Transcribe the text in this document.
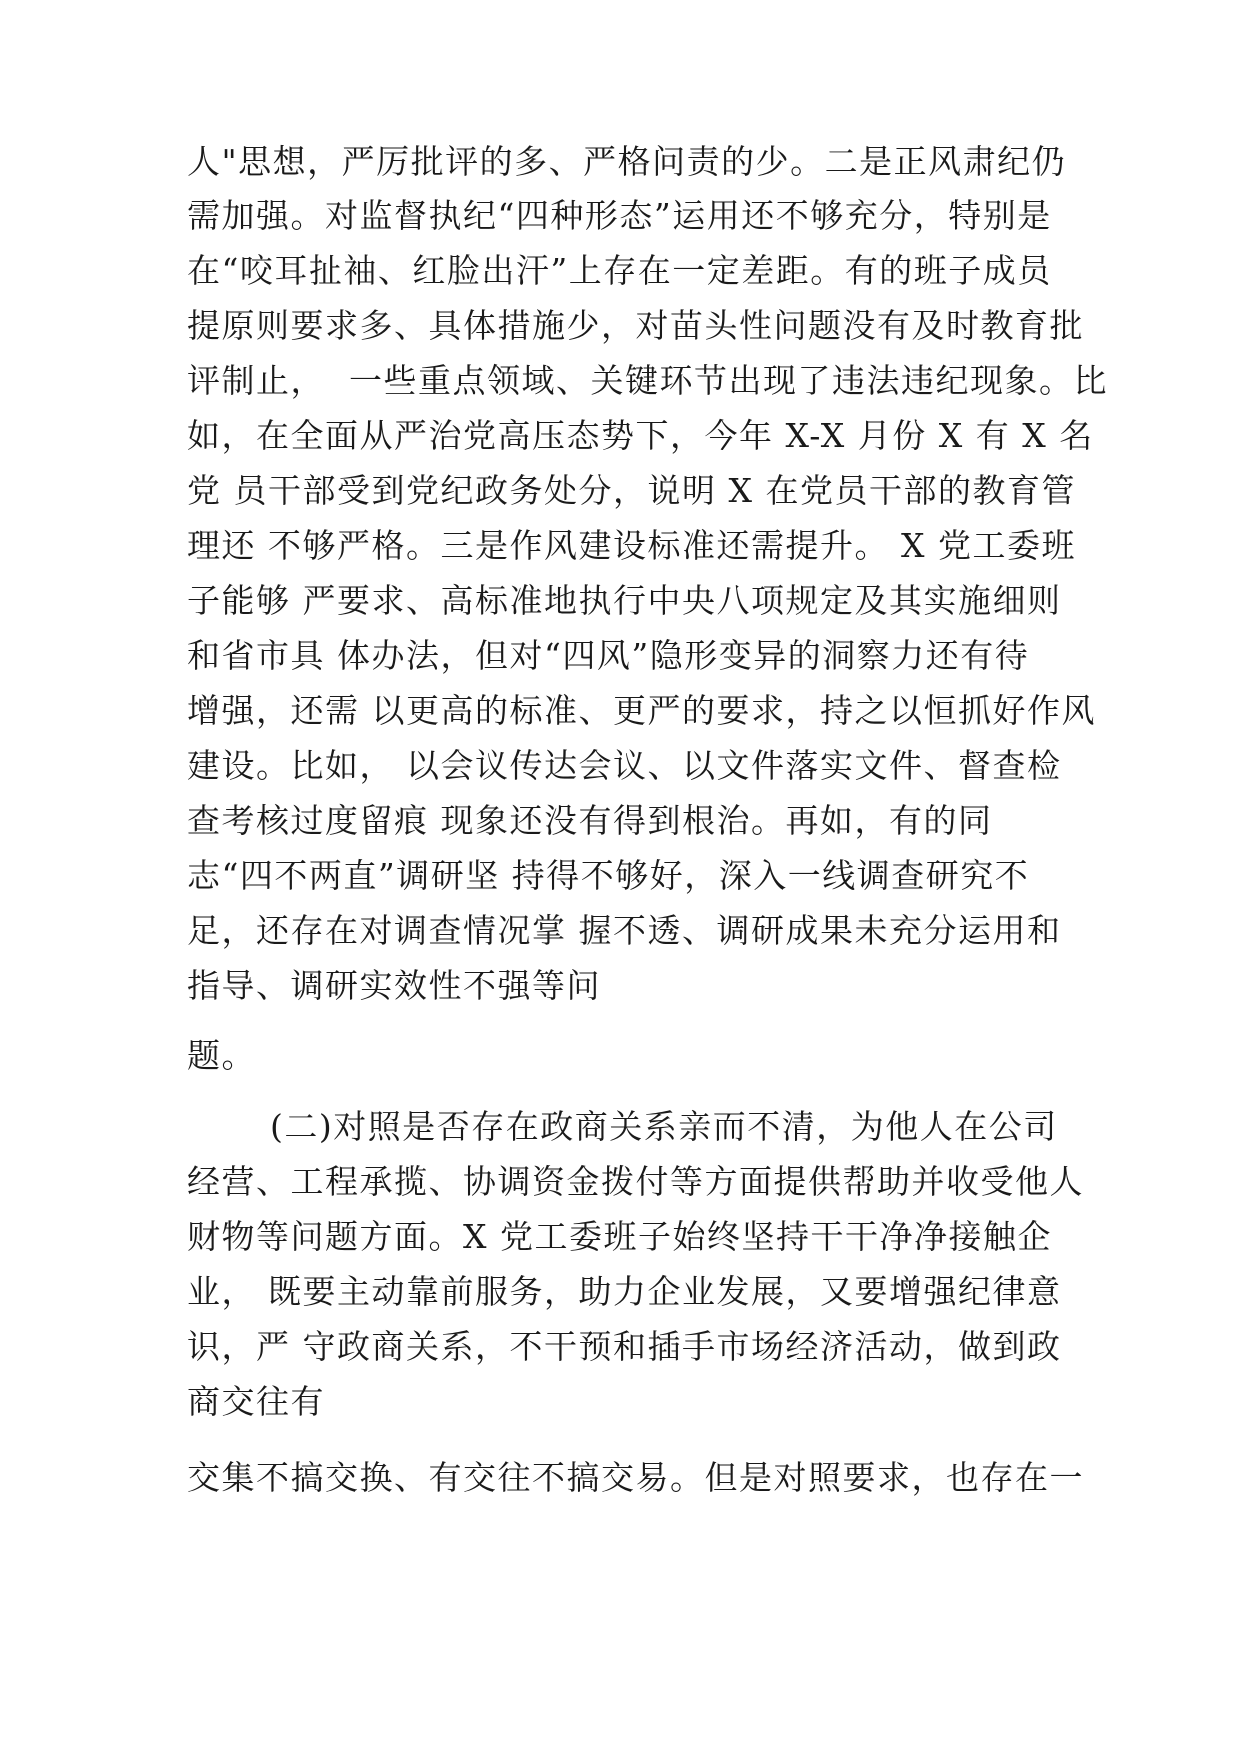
人"思想，严厉批评的多、严格问责的少。二是正风肃纪仍
需加强。对监督执纪“四种形态”运用还不够充分，特别是
在“咬耳扯袖、红脸出汗”上存在一定差距。有的班子成员
提原则要求多、具体措施少，对苗头性问题没有及时教育批
评制止，  一些重点领域、关键环节出现了违法违纪现象。比
如，在全面从严治党高压态势下，今年 X-X 月份 X 有 X 名
党 员干部受到党纪政务处分，说明 X 在党员干部的教育管
理还 不够严格。三是作风建设标准还需提升。 X 党工委班
子能够 严要求、高标准地执行中央八项规定及其实施细则
和省市具 体办法，但对“四风”隐形变异的洞察力还有待
增强，还需 以更高的标准、更严的要求，持之以恒抓好作风
建设。比如， 以会议传达会议、以文件落实文件、督查检
查考核过度留痕 现象还没有得到根治。再如，有的同
志“四不两直”调研坚 持得不够好，深入一线调查研究不
足，还存在对调查情况掌 握不透、调研成果未充分运用和
指导、调研实效性不强等问
题。
(二)对照是否存在政商关系亲而不清，为他人在公司
经营、工程承揽、协调资金拨付等方面提供帮助并收受他人
财物等问题方面。X 党工委班子始终坚持干干净净接触企
业， 既要主动靠前服务，助力企业发展，又要增强纪律意
识，严 守政商关系，不干预和插手市场经济活动，做到政
商交往有
交集不搞交换、有交往不搞交易。但是对照要求，也存在一
